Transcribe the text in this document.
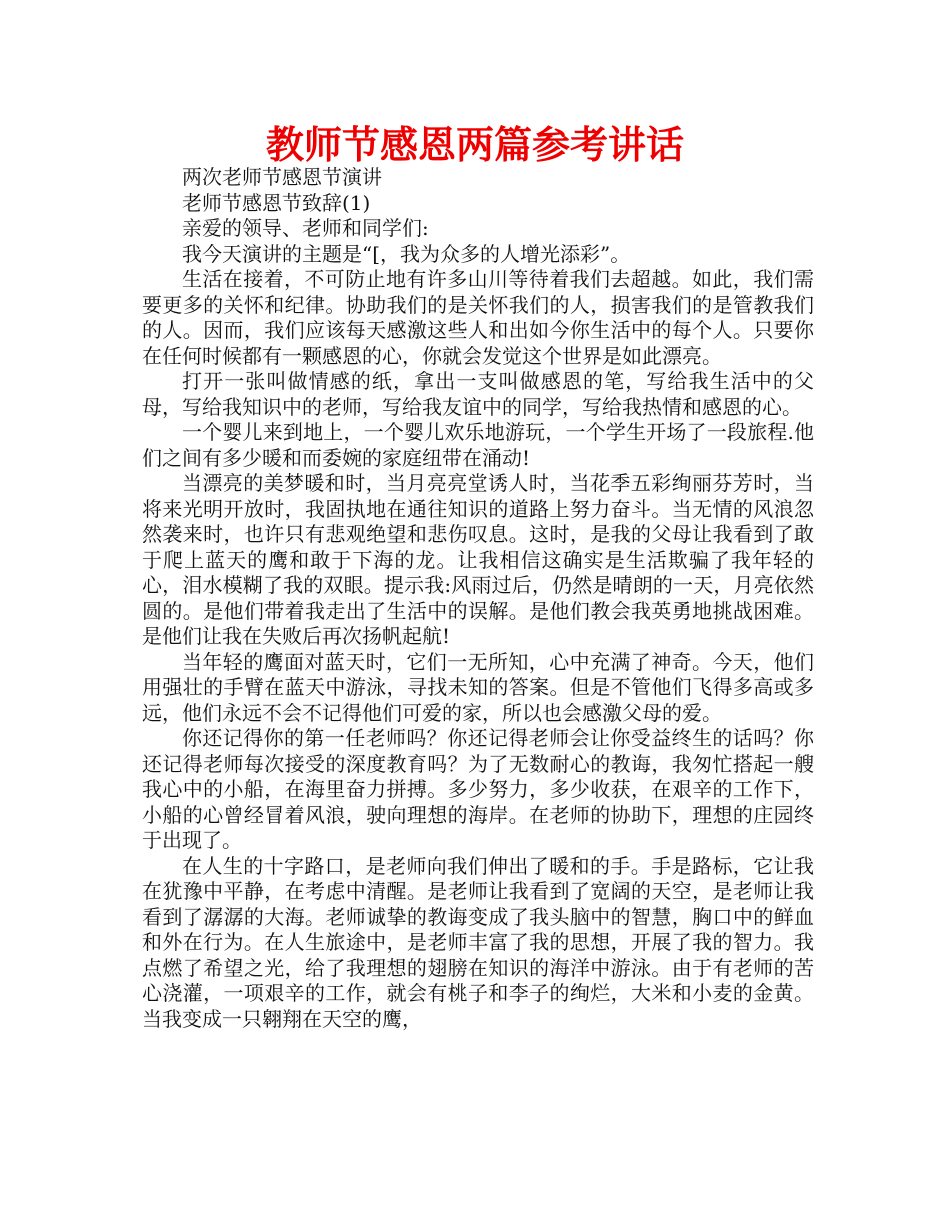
教师节感恩两篇参考讲话

两次老师节感恩节演讲

老师节感恩节致辞(1)

亲爱的领导、老师和同学们:

我今天演讲的主题是“[，我为众多的人增光添彩”。

生活在接着，不可防止地有许多山川等待着我们去超越。如此，我们需要更多的关怀和纪律。协助我们的是关怀我们的人，损害我们的是管教我们的人。因而，我们应该每天感激这些人和出如今你生活中的每个人。只要你在任何时候都有一颗感恩的心，你就会发觉这个世界是如此漂亮。

打开一张叫做情感的纸，拿出一支叫做感恩的笔，写给我生活中的父母，写给我知识中的老师，写给我友谊中的同学，写给我热情和感恩的心。

一个婴儿来到地上，一个婴儿欢乐地游玩，一个学生开场了一段旅程.他们之间有多少暖和而委婉的家庭纽带在涌动!

当漂亮的美梦暖和时，当月亮亮堂诱人时，当花季五彩绚丽芬芳时，当将来光明开放时，我固执地在通往知识的道路上努力奋斗。当无情的风浪忽然袭来时，也许只有悲观绝望和悲伤叹息。这时，是我的父母让我看到了敢于爬上蓝天的鹰和敢于下海的龙。让我相信这确实是生活欺骗了我年轻的心，泪水模糊了我的双眼。提示我:风雨过后，仍然是晴朗的一天，月亮依然圆的。是他们带着我走出了生活中的误解。是他们教会我英勇地挑战困难。是他们让我在失败后再次扬帆起航!

当年轻的鹰面对蓝天时，它们一无所知，心中充满了神奇。今天，他们用强壮的手臂在蓝天中游泳，寻找未知的答案。但是不管他们飞得多高或多远，他们永远不会不记得他们可爱的家，所以也会感激父母的爱。

你还记得你的第一任老师吗？你还记得老师会让你受益终生的话吗？你还记得老师每次接受的深度教育吗？为了无数耐心的教诲，我匆忙搭起一艘我心中的小船，在海里奋力拼搏。多少努力，多少收获，在艰辛的工作下，小船的心曾经冒着风浪，驶向理想的海岸。在老师的协助下，理想的庄园终于出现了。

在人生的十字路口，是老师向我们伸出了暖和的手。手是路标，它让我在犹豫中平静，在考虑中清醒。是老师让我看到了宽阔的天空，是老师让我看到了潺潺的大海。老师诚挚的教诲变成了我头脑中的智慧，胸口中的鲜血和外在行为。在人生旅途中，是老师丰富了我的思想，开展了我的智力。我点燃了希望之光，给了我理想的翅膀在知识的海洋中游泳。由于有老师的苦心浇灌，一项艰辛的工作，就会有桃子和李子的绚烂，大米和小麦的金黄。当我变成一只翱翔在天空的鹰，
